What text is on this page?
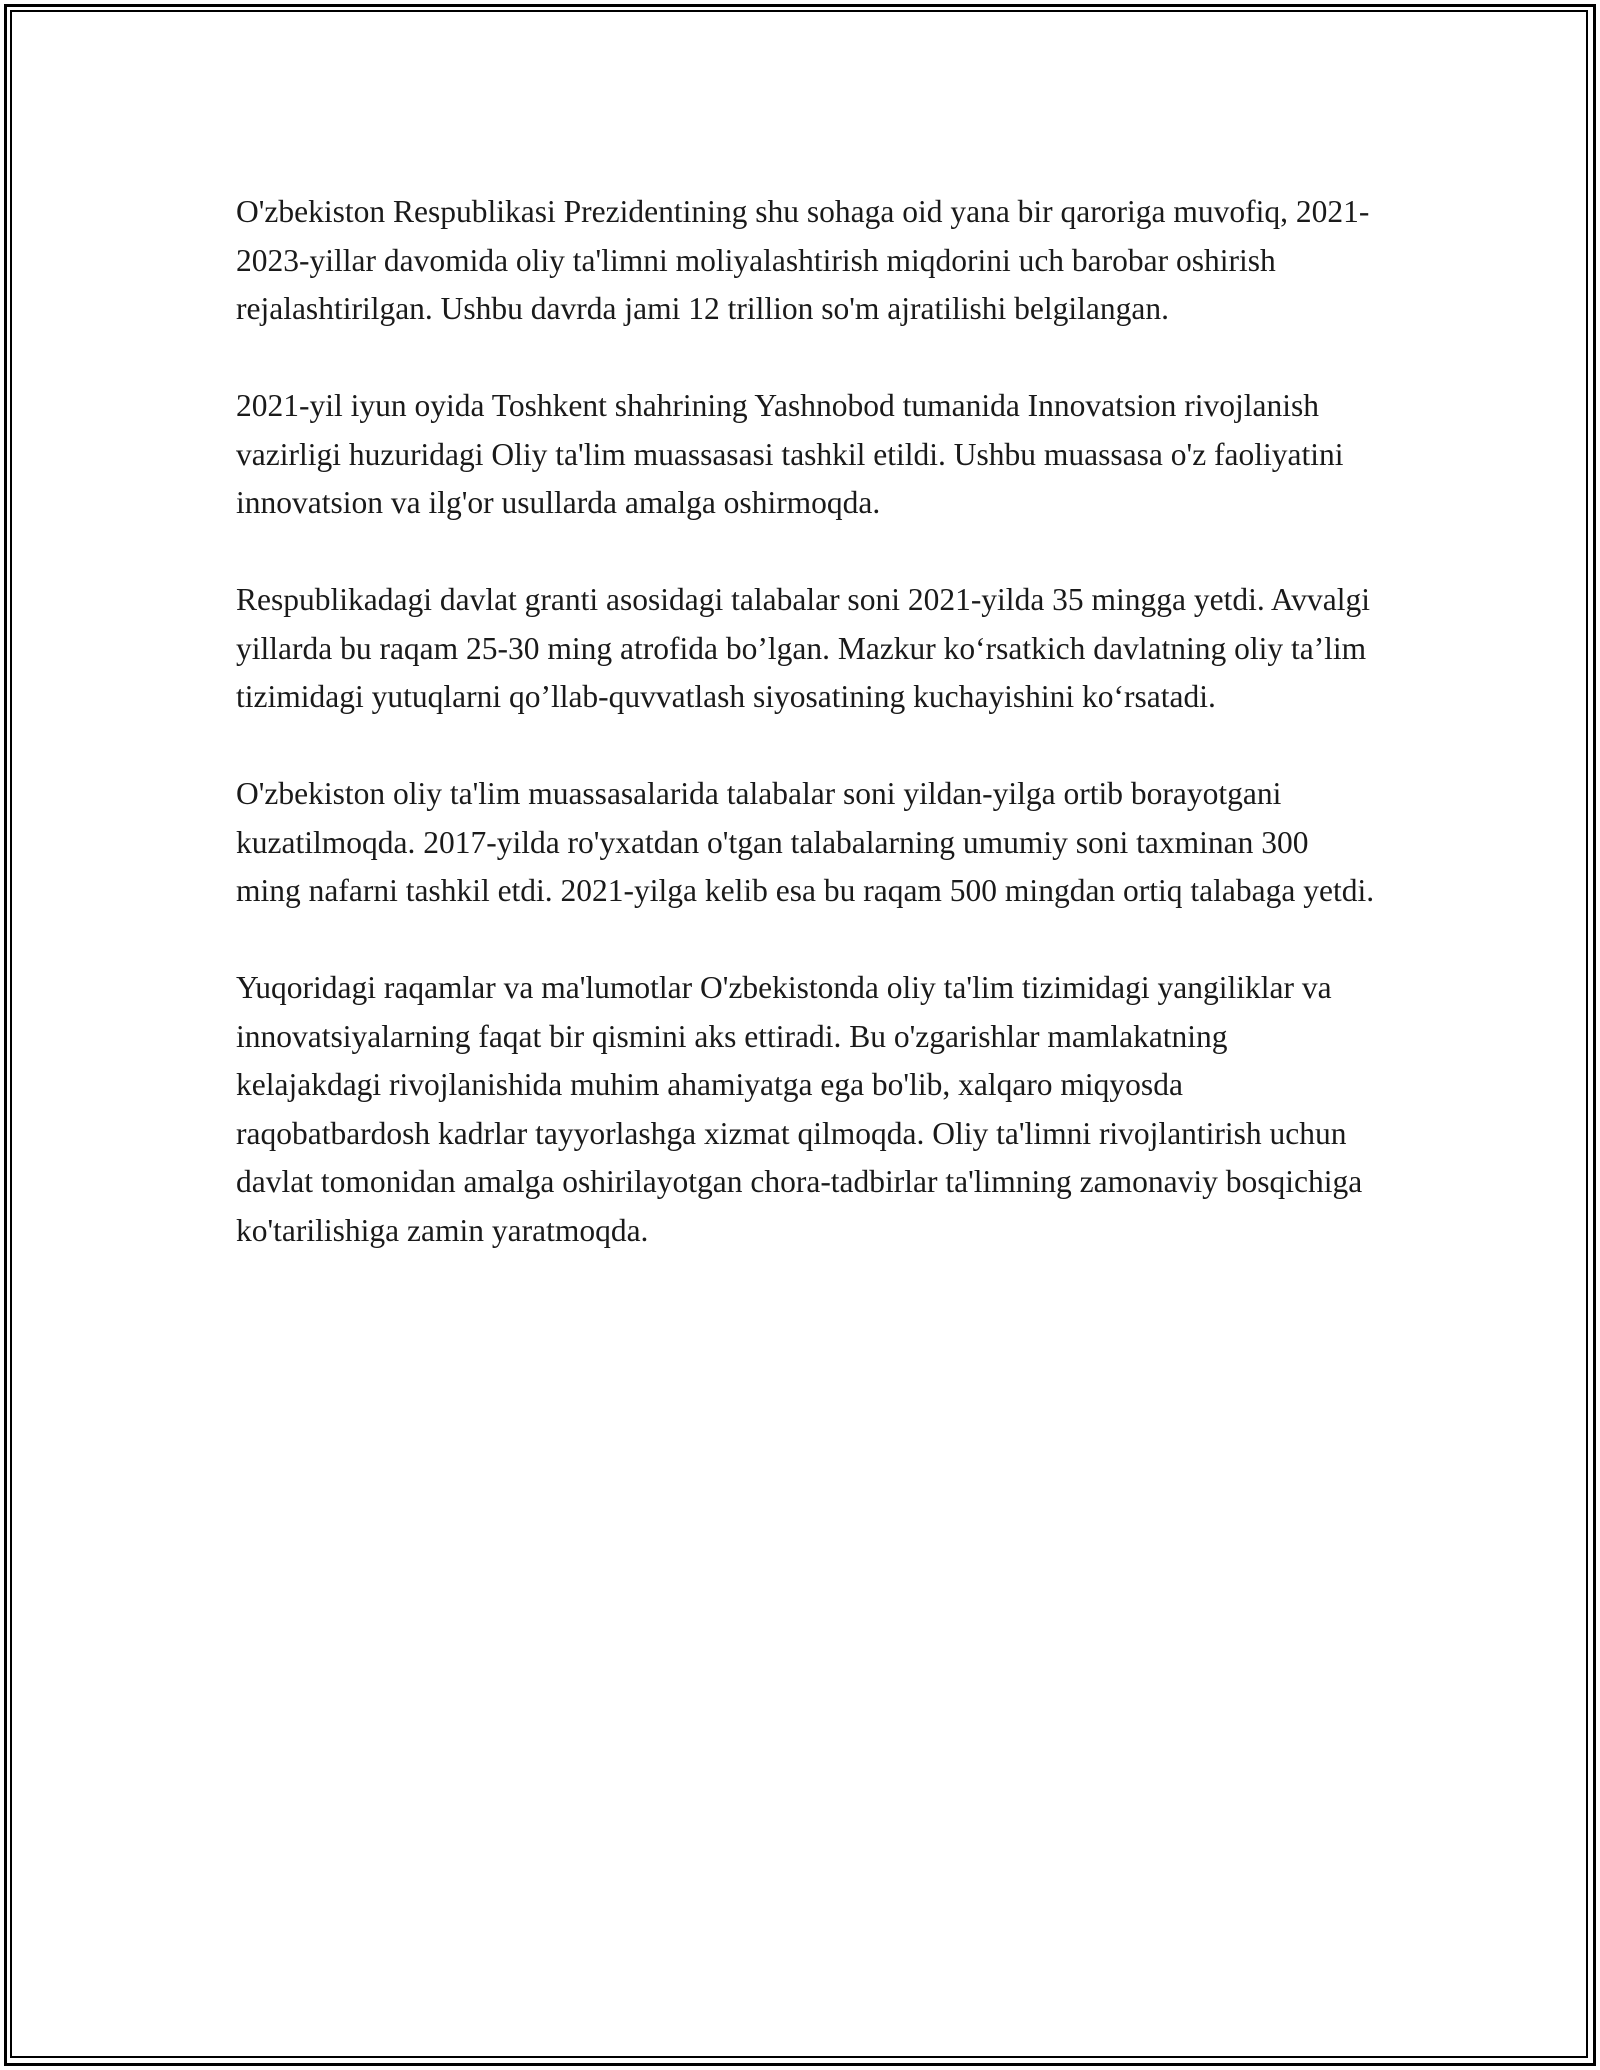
O'zbekiston Respublikasi Prezidentining shu sohaga oid yana bir qaroriga muvofiq, 2021-2023-yillar davomida oliy ta'limni moliyalashtirish miqdorini uch barobar oshirish rejalashtirilgan. Ushbu davrda jami 12 trillion so'm ajratilishi belgilangan.

2021-yil iyun oyida Toshkent shahrining Yashnobod tumanida Innovatsion rivojlanish vazirligi huzuridagi Oliy ta'lim muassasasi tashkil etildi. Ushbu muassasa o'z faoliyatini innovatsion va ilg'or usullarda amalga oshirmoqda.

Respublikadagi davlat granti asosidagi talabalar soni 2021-yilda 35 mingga yetdi. Avvalgi yillarda bu raqam 25-30 ming atrofida bo’lgan. Mazkur ko‘rsatkich davlatning oliy ta’lim tizimidagi yutuqlarni qo’llab-quvvatlash siyosatining kuchayishini ko‘rsatadi.

O'zbekiston oliy ta'lim muassasalarida talabalar soni yildan-yilga ortib borayotgani kuzatilmoqda. 2017-yilda ro'yxatdan o'tgan talabalarning umumiy soni taxminan 300 ming nafarni tashkil etdi. 2021-yilga kelib esa bu raqam 500 mingdan ortiq talabaga yetdi.

Yuqoridagi raqamlar va ma'lumotlar O'zbekistonda oliy ta'lim tizimidagi yangiliklar va innovatsiyalarning faqat bir qismini aks ettiradi. Bu o'zgarishlar mamlakatning kelajakdagi rivojlanishida muhim ahamiyatga ega bo'lib, xalqaro miqyosda raqobatbardosh kadrlar tayyorlashga xizmat qilmoqda. Oliy ta'limni rivojlantirish uchun davlat tomonidan amalga oshirilayotgan chora-tadbirlar ta'limning zamonaviy bosqichiga ko'tarilishiga zamin yaratmoqda.
